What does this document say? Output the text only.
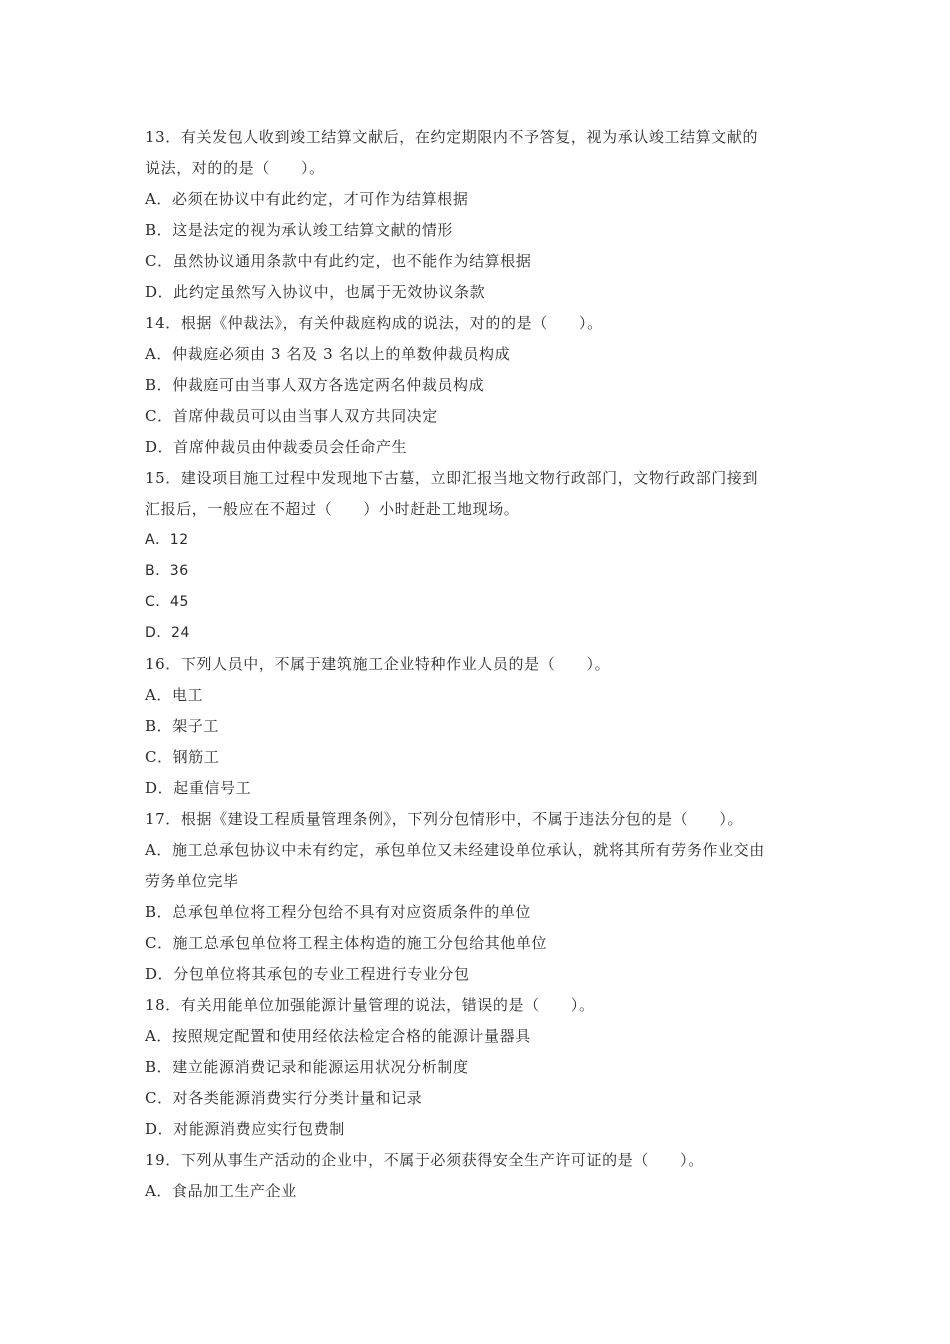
13．有关发包人收到竣工结算文献后，在约定期限内不予答复，视为承认竣工结算文献的
说法，对的的是（　　）。
A．必须在协议中有此约定，才可作为结算根据
B．这是法定的视为承认竣工结算文献的情形
C．虽然协议通用条款中有此约定，也不能作为结算根据
D．此约定虽然写入协议中，也属于无效协议条款
14．根据《仲裁法》，有关仲裁庭构成的说法，对的的是（　　）。
A．仲裁庭必须由 3 名及 3 名以上的单数仲裁员构成
B．仲裁庭可由当事人双方各选定两名仲裁员构成
C．首席仲裁员可以由当事人双方共同决定
D．首席仲裁员由仲裁委员会任命产生
15．建设项目施工过程中发现地下古墓，立即汇报当地文物行政部门，文物行政部门接到
汇报后，一般应在不超过（　　）小时赶赴工地现场。
A．12
B．36
C．45
D．24
16．下列人员中，不属于建筑施工企业特种作业人员的是（　　）。
A．电工
B．架子工
C．钢筋工
D．起重信号工
17．根据《建设工程质量管理条例》，下列分包情形中，不属于违法分包的是（　　）。
A．施工总承包协议中未有约定，承包单位又未经建设单位承认，就将其所有劳务作业交由
劳务单位完毕
B．总承包单位将工程分包给不具有对应资质条件的单位
C．施工总承包单位将工程主体构造的施工分包给其他单位
D．分包单位将其承包的专业工程进行专业分包
18．有关用能单位加强能源计量管理的说法，错误的是（　　）。
A．按照规定配置和使用经依法检定合格的能源计量器具
B．建立能源消费记录和能源运用状况分析制度
C．对各类能源消费实行分类计量和记录
D．对能源消费应实行包费制
19．下列从事生产活动的企业中，不属于必须获得安全生产许可证的是（　　）。
A．食品加工生产企业
